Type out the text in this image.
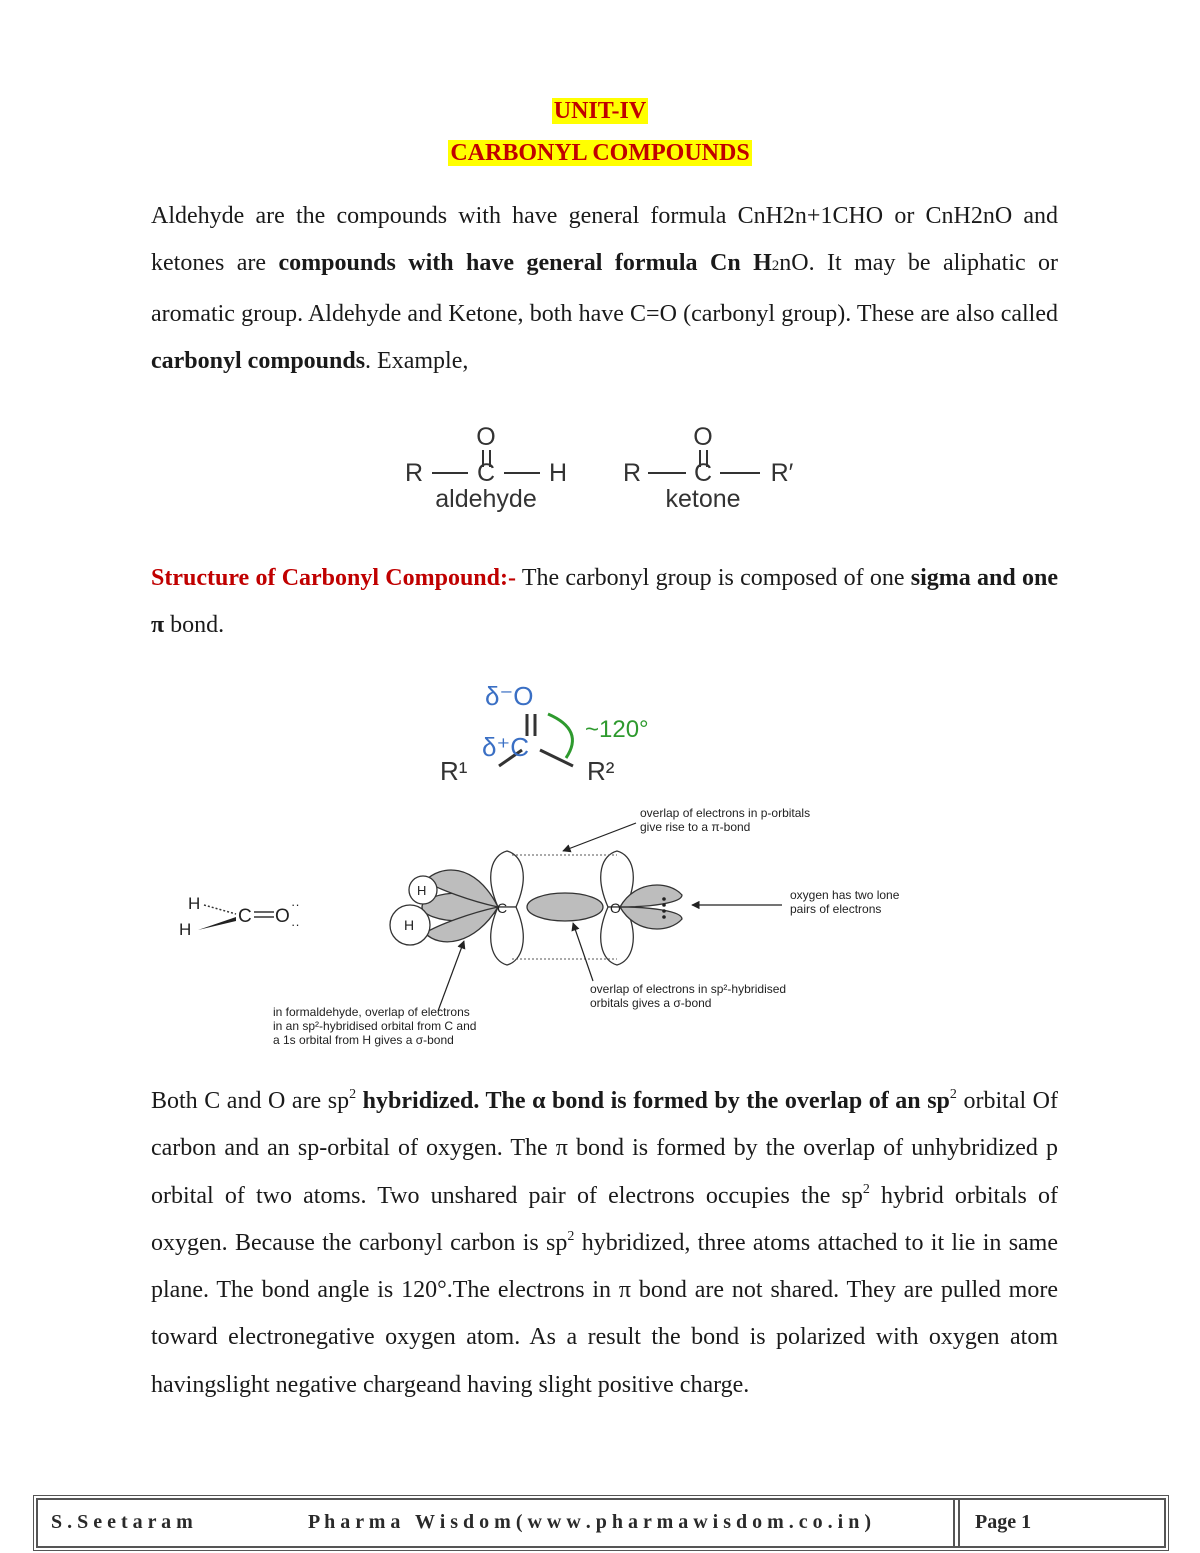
UNIT-IV
CARBONYL COMPOUNDS
Aldehyde are the compounds with have general formula CnH2n+1CHO or CnH2nO and ketones are compounds with have general formula Cn H2nO. It may be aliphatic or aromatic group. Aldehyde and Ketone, both have C=O (carbonyl group). These are also called carbonyl compounds. Example,
O
R C H
aldehyde
O
R C R′
ketone
Structure of Carbonyl Compound:- The carbonyl group is composed of one sigma and one π bond.
δ⁻O
δ⁺C
~120°
R¹	R²
H
H
C O
··
··
H
H
C	O
overlap of electrons in p-orbitals
give rise to a π-bond
oxygen has two lone
pairs of electrons
overlap of electrons in sp²-hybridised
orbitals gives a σ-bond
in formaldehyde, overlap of electrons
in an sp²-hybridised orbital from C and
a 1s orbital from H gives a σ-bond
Both C and O are $sp^2$ hybridized. The α bond is formed by the overlap of an $sp^2$ orbital Of carbon and an sp-orbital of oxygen. The π bond is formed by the overlap of unhybridized p orbital of two atoms. Two unshared pair of electrons occupies the $sp^2$ hybrid orbitals of oxygen. Because the carbonyl carbon is $sp^2$ hybridized, three atoms attached to it lie in same plane. The bond angle is 120°.The electrons in π bond are not shared. They are pulled more toward electronegative oxygen atom. As a result the bond is polarized with oxygen atom havingslight negative chargeand having slight positive charge.
S . S e e t a r a m	P h a r m a   W i s d o m ( w w w . p h a r m a w i s d o m . c o . i n )	Page 1
